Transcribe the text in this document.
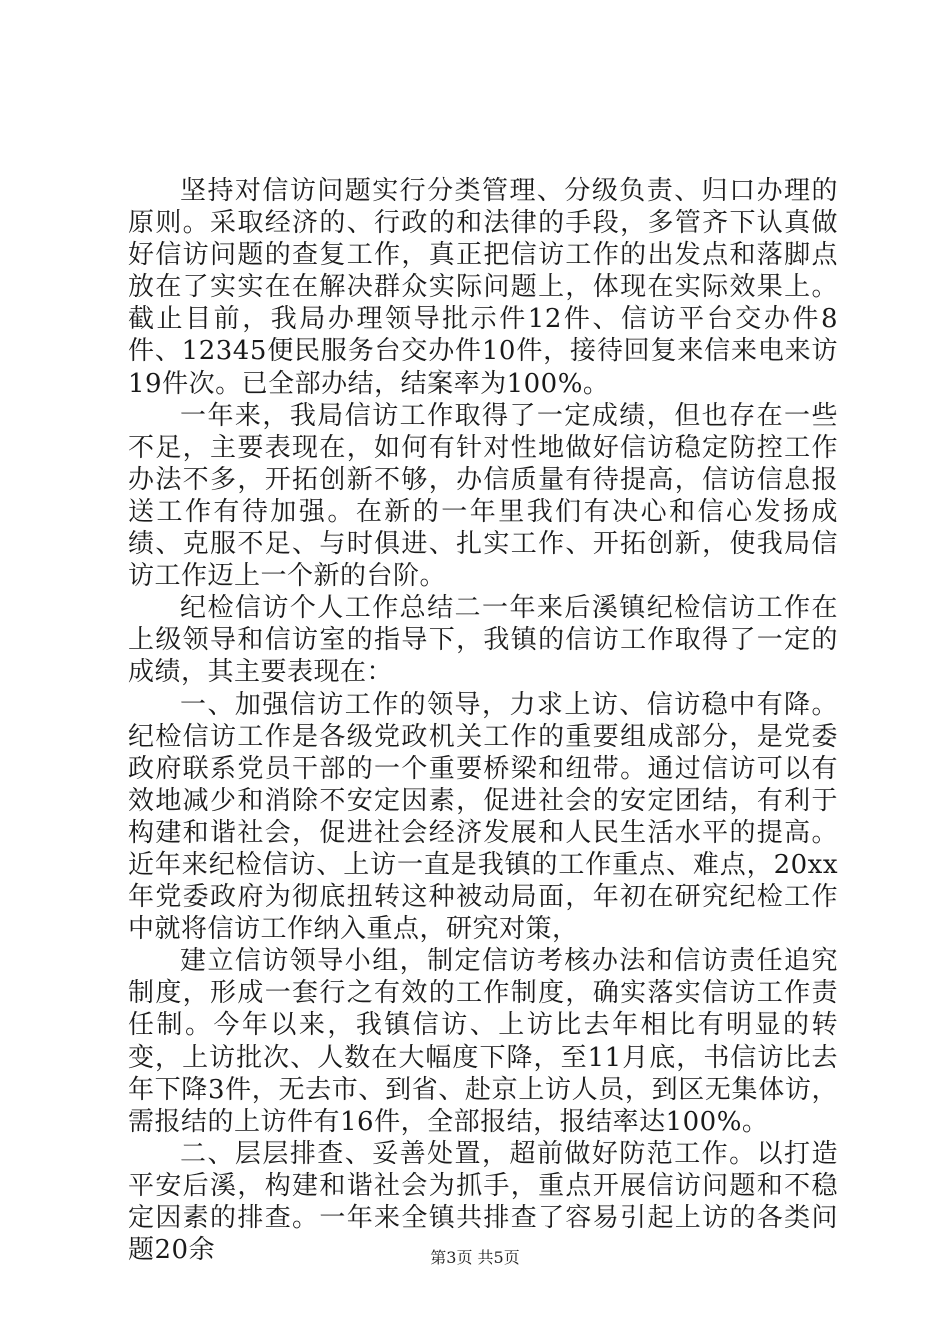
坚持对信访问题实行分类管理、分级负责、归口办理的原则。采取经济的、行政的和法律的手段，多管齐下认真做好信访问题的查复工作，真正把信访工作的出发点和落脚点放在了实实在在解决群众实际问题上，体现在实际效果上。截止目前，我局办理领导批示件12件、信访平台交办件8件、12345便民服务台交办件10件，接待回复来信来电来访19件次。已全部办结，结案率为100%。

一年来，我局信访工作取得了一定成绩，但也存在一些不足，主要表现在，如何有针对性地做好信访稳定防控工作办法不多，开拓创新不够，办信质量有待提高，信访信息报送工作有待加强。在新的一年里我们有决心和信心发扬成绩、克服不足、与时俱进、扎实工作、开拓创新，使我局信访工作迈上一个新的台阶。

纪检信访个人工作总结二一年来后溪镇纪检信访工作在上级领导和信访室的指导下，我镇的信访工作取得了一定的成绩，其主要表现在：

一、加强信访工作的领导，力求上访、信访稳中有降。纪检信访工作是各级党政机关工作的重要组成部分，是党委政府联系党员干部的一个重要桥梁和纽带。通过信访可以有效地减少和消除不安定因素，促进社会的安定团结，有利于构建和谐社会，促进社会经济发展和人民生活水平的提高。近年来纪检信访、上访一直是我镇的工作重点、难点，20xx年党委政府为彻底扭转这种被动局面，年初在研究纪检工作中就将信访工作纳入重点，研究对策，

建立信访领导小组，制定信访考核办法和信访责任追究制度，形成一套行之有效的工作制度，确实落实信访工作责任制。今年以来，我镇信访、上访比去年相比有明显的转变，上访批次、人数在大幅度下降，至11月底，书信访比去年下降3件，无去市、到省、赴京上访人员，到区无集体访，需报结的上访件有16件，全部报结，报结率达100%。

二、层层排查、妥善处置，超前做好防范工作。以打造平安后溪，构建和谐社会为抓手，重点开展信访问题和不稳定因素的排查。一年来全镇共排查了容易引起上访的各类问题20余	第3页 共5页
